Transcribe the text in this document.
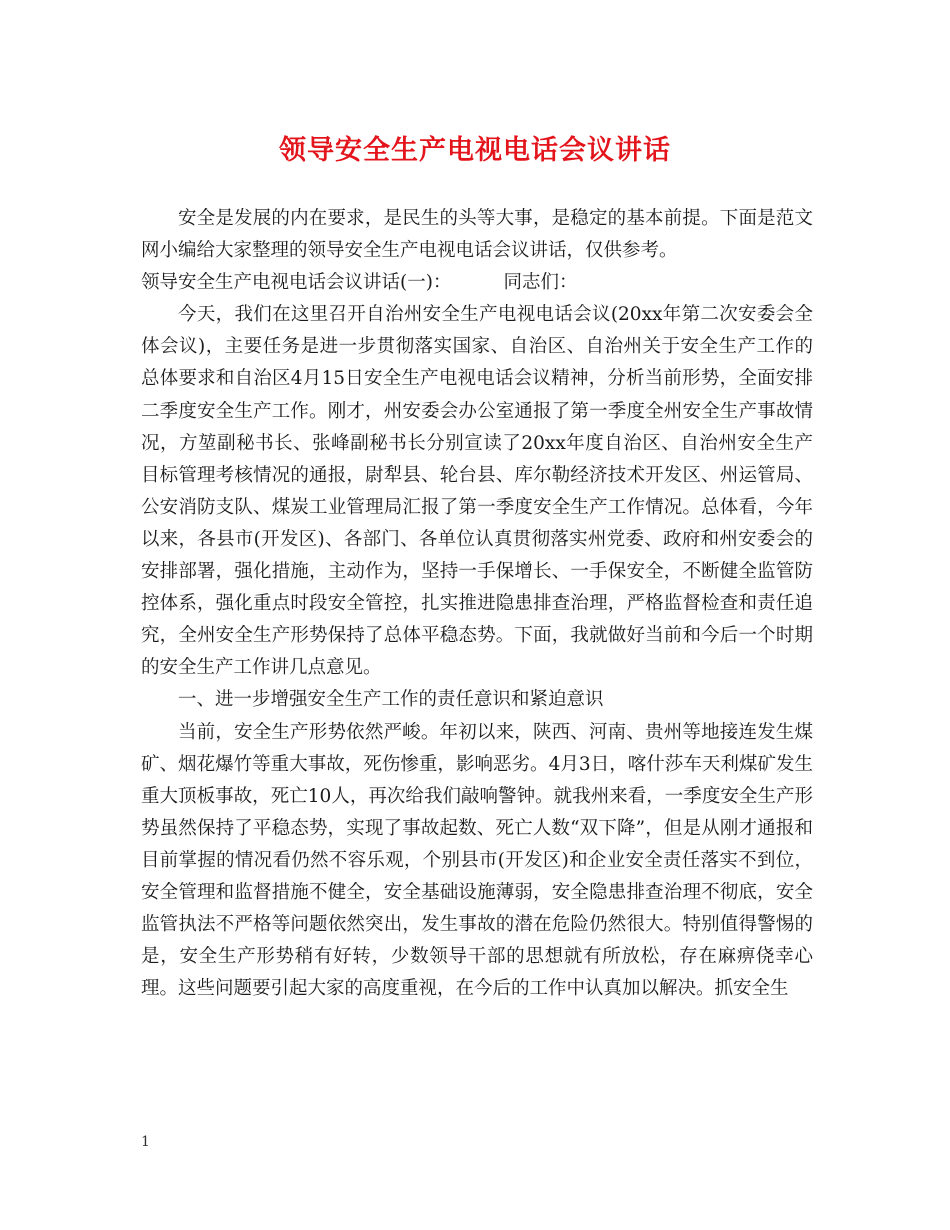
领导安全生产电视电话会议讲话

安全是发展的内在要求，是民生的头等大事，是稳定的基本前提。下面是范文网小编给大家整理的领导安全生产电视电话会议讲话，仅供参考。

领导安全生产电视电话会议讲话(一)：	同志们：

今天，我们在这里召开自治州安全生产电视电话会议(20xx年第二次安委会全体会议)，主要任务是进一步贯彻落实国家、自治区、自治州关于安全生产工作的总体要求和自治区4月15日安全生产电视电话会议精神，分析当前形势，全面安排二季度安全生产工作。刚才，州安委会办公室通报了第一季度全州安全生产事故情况，方堃副秘书长、张峰副秘书长分别宣读了20xx年度自治区、自治州安全生产目标管理考核情况的通报，尉犁县、轮台县、库尔勒经济技术开发区、州运管局、公安消防支队、煤炭工业管理局汇报了第一季度安全生产工作情况。总体看，今年以来，各县市(开发区)、各部门、各单位认真贯彻落实州党委、政府和州安委会的安排部署，强化措施，主动作为，坚持一手保增长、一手保安全，不断健全监管防控体系，强化重点时段安全管控，扎实推进隐患排查治理，严格监督检查和责任追究，全州安全生产形势保持了总体平稳态势。下面，我就做好当前和今后一个时期的安全生产工作讲几点意见。

一、进一步增强安全生产工作的责任意识和紧迫意识

当前，安全生产形势依然严峻。年初以来，陕西、河南、贵州等地接连发生煤矿、烟花爆竹等重大事故，死伤惨重，影响恶劣。4月3日，喀什莎车天利煤矿发生重大顶板事故，死亡10人，再次给我们敲响警钟。就我州来看，一季度安全生产形势虽然保持了平稳态势，实现了事故起数、死亡人数“双下降”，但是从刚才通报和目前掌握的情况看仍然不容乐观，个别县市(开发区)和企业安全责任落实不到位，安全管理和监督措施不健全，安全基础设施薄弱，安全隐患排查治理不彻底，安全监管执法不严格等问题依然突出，发生事故的潜在危险仍然很大。特别值得警惕的是，安全生产形势稍有好转，少数领导干部的思想就有所放松，存在麻痹侥幸心理。这些问题要引起大家的高度重视，在今后的工作中认真加以解决。抓安全生

1
